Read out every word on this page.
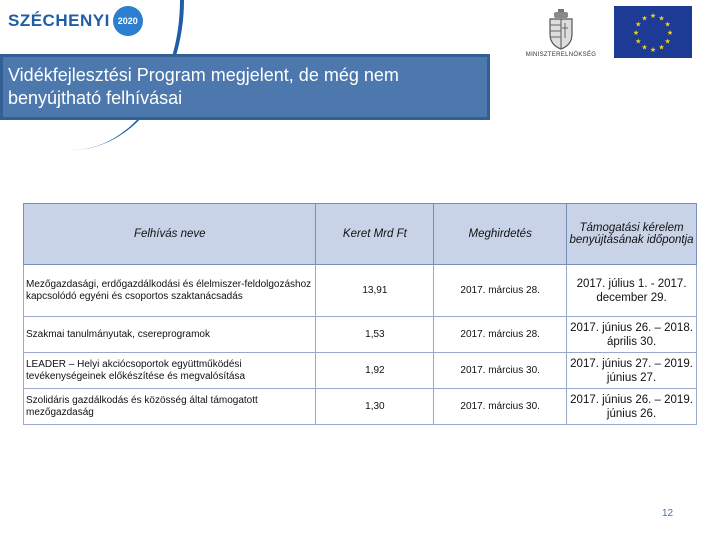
SZÉCHENYI 2020
MINISZTERELNÖKSÉG
★ ★
★
★
★
★
★
★
★
★
★
★
Vidékfejlesztési Program megjelent, de még nem benyújtható felhívásai
Felhívás neve	Keret Mrd Ft	Meghirdetés	Támogatási kérelem benyújtásának időpontja
Mezőgazdasági, erdőgazdálkodási és élelmiszer-feldolgozáshoz kapcsolódó egyéni és csoportos szaktanácsadás	13,91	2017. március 28.	2017. július 1. - 2017. december 29.
Szakmai tanulmányutak, csereprogramok	1,53	2017. március 28.	2017. június 26. – 2018. április 30.
LEADER – Helyi akciócsoportok együttműködési tevékenységeinek előkészítése és megvalósítása	1,92	2017. március 30.	2017. június 27. – 2019. június 27.
Szolidáris gazdálkodás és közösség által támogatott mezőgazdaság	1,30	2017. március 30.	2017. június 26. – 2019. június 26.
12
